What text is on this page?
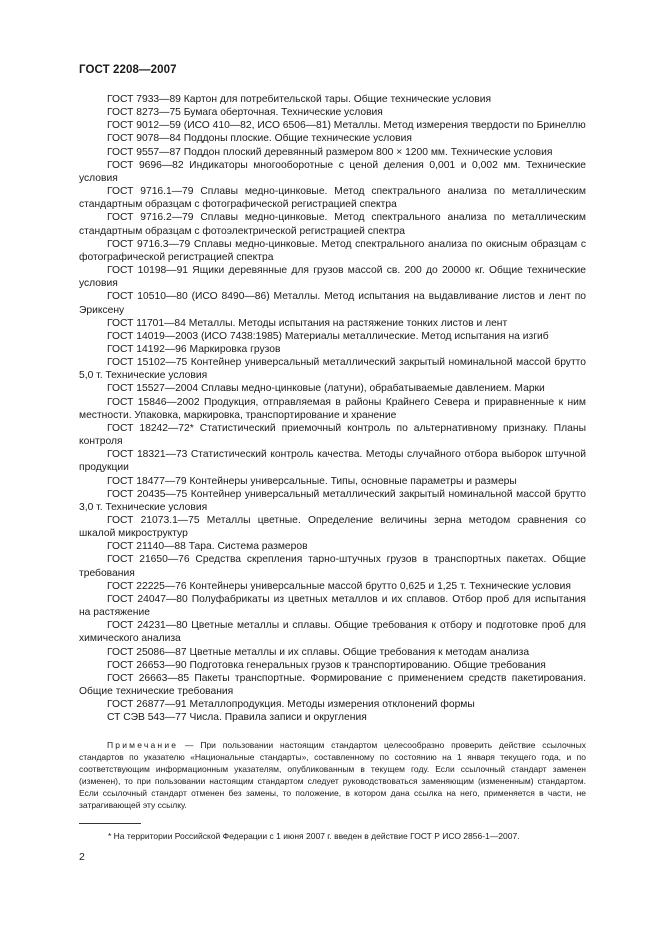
ГОСТ 2208—2007
ГОСТ 7933—89 Картон для потребительской тары. Общие технические условия
ГОСТ 8273—75 Бумага оберточная. Технические условия
ГОСТ 9012—59 (ИСО 410—82, ИСО 6506—81) Металлы. Метод измерения твердости по Бринеллю
ГОСТ 9078—84 Поддоны плоские. Общие технические условия
ГОСТ 9557—87 Поддон плоский деревянный размером 800 × 1200 мм. Технические условия
ГОСТ 9696—82 Индикаторы многооборотные с ценой деления 0,001 и 0,002 мм. Технические условия
ГОСТ 9716.1—79 Сплавы медно-цинковые. Метод спектрального анализа по металлическим стандартным образцам с фотографической регистрацией спектра
ГОСТ 9716.2—79 Сплавы медно-цинковые. Метод спектрального анализа по металлическим стандартным образцам с фотоэлектрической регистрацией спектра
ГОСТ 9716.3—79 Сплавы медно-цинковые. Метод спектрального анализа по окисным образцам с фотографической регистрацией спектра
ГОСТ 10198—91 Ящики деревянные для грузов массой св. 200 до 20000 кг. Общие технические условия
ГОСТ 10510—80 (ИСО 8490—86) Металлы. Метод испытания на выдавливание листов и лент по Эриксену
ГОСТ 11701—84 Металлы. Методы испытания на растяжение тонких листов и лент
ГОСТ 14019—2003 (ИСО 7438:1985) Материалы металлические. Метод испытания на изгиб
ГОСТ 14192—96 Маркировка грузов
ГОСТ 15102—75 Контейнер универсальный металлический закрытый номинальной массой брутто 5,0 т. Технические условия
ГОСТ 15527—2004 Сплавы медно-цинковые (латуни), обрабатываемые давлением. Марки
ГОСТ 15846—2002 Продукция, отправляемая в районы Крайнего Севера и приравненные к ним местности. Упаковка, маркировка, транспортирование и хранение
ГОСТ 18242—72* Статистический приемочный контроль по альтернативному признаку. Планы контроля
ГОСТ 18321—73 Статистический контроль качества. Методы случайного отбора выборок штучной продукции
ГОСТ 18477—79 Контейнеры универсальные. Типы, основные параметры и размеры
ГОСТ 20435—75 Контейнер универсальный металлический закрытый номинальной массой брутто 3,0 т. Технические условия
ГОСТ 21073.1—75 Металлы цветные. Определение величины зерна методом сравнения со шкалой микроструктур
ГОСТ 21140—88 Тара. Система размеров
ГОСТ 21650—76 Средства скрепления тарно-штучных грузов в транспортных пакетах. Общие требования
ГОСТ 22225—76 Контейнеры универсальные массой брутто 0,625 и 1,25 т. Технические условия
ГОСТ 24047—80 Полуфабрикаты из цветных металлов и их сплавов. Отбор проб для испытания на растяжение
ГОСТ 24231—80 Цветные металлы и сплавы. Общие требования к отбору и подготовке проб для химического анализа
ГОСТ 25086—87 Цветные металлы и их сплавы. Общие требования к методам анализа
ГОСТ 26653—90 Подготовка генеральных грузов к транспортированию. Общие требования
ГОСТ 26663—85 Пакеты транспортные. Формирование с применением средств пакетирования. Общие технические требования
ГОСТ 26877—91 Металлопродукция. Методы измерения отклонений формы
СТ СЭВ 543—77 Числа. Правила записи и округления
Примечание — При пользовании настоящим стандартом целесообразно проверить действие ссылочных стандартов по указателю «Национальные стандарты», составленному по состоянию на 1 января текущего года, и по соответствующим информационным указателям, опубликованным в текущем году. Если ссылочный стандарт заменен (изменен), то при пользовании настоящим стандартом следует руководствоваться заменяющим (измененным) стандартом. Если ссылочный стандарт отменен без замены, то положение, в котором дана ссылка на него, применяется в части, не затрагивающей эту ссылку.
* На территории Российской Федерации с 1 июня 2007 г. введен в действие ГОСТ Р ИСО 2856-1—2007.
2
